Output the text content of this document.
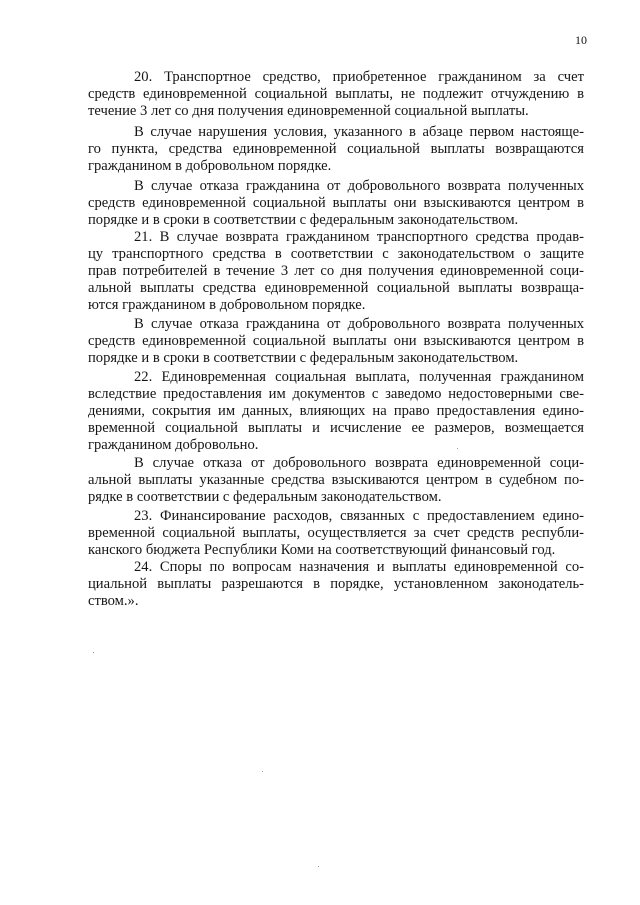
10
20. Транспортное средство, приобретенное гражданином за счет
средств единовременной социальной выплаты, не подлежит отчуждению в
течение 3 лет со дня получения единовременной социальной выплаты.
В случае нарушения условия, указанного в абзаце первом настояще-
го пункта, средства единовременной социальной выплаты возвращаются
гражданином в добровольном порядке.
В случае отказа гражданина от добровольного возврата полученных
средств единовременной социальной выплаты они взыскиваются центром в
порядке и в сроки в соответствии с федеральным законодательством.
21. В случае возврата гражданином транспортного средства продав-
цу транспортного средства в соответствии с законодательством о защите
прав потребителей в течение 3 лет со дня получения единовременной соци-
альной выплаты средства единовременной социальной выплаты возвраща-
ются гражданином в добровольном порядке.
В случае отказа гражданина от добровольного возврата полученных
средств единовременной социальной выплаты они взыскиваются центром в
порядке и в сроки в соответствии с федеральным законодательством.
22. Единовременная социальная выплата, полученная гражданином
вследствие предоставления им документов с заведомо недостоверными све-
дениями, сокрытия им данных, влияющих на право предоставления едино-
временной социальной выплаты и исчисление ее размеров, возмещается
гражданином добровольно.
В случае отказа от добровольного возврата единовременной соци-
альной выплаты указанные средства взыскиваются центром в судебном по-
рядке в соответствии с федеральным законодательством.
23. Финансирование расходов, связанных с предоставлением едино-
временной социальной выплаты, осуществляется за счет средств республи-
канского бюджета Республики Коми на соответствующий финансовый год.
24. Споры по вопросам назначения и выплаты единовременной со-
циальной выплаты разрешаются в порядке, установленном законодатель-
ством.».
